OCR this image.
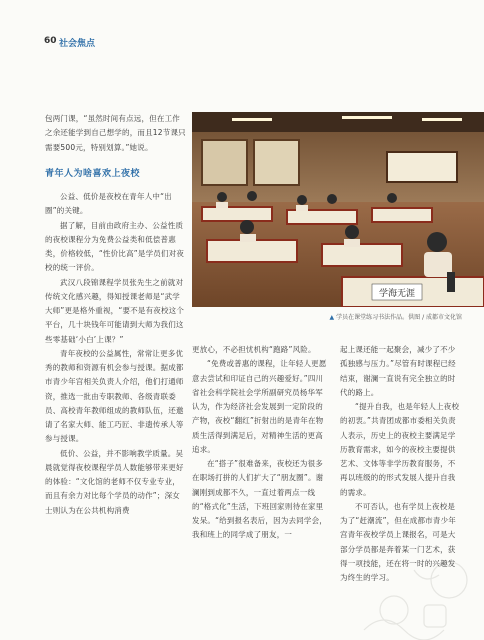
60 社会焦点

包两门课，“虽然时间有点远，但在工作之余还能学到自己想学的，而且12节课只需要500元，特别划算。”她说。

青年人为啥喜欢上夜校

公益、低价是夜校在青年人中“出圈”的关键。

据了解，目前由政府主办、公益性质的夜校课程分为免费公益类和低偿普惠类，价格较低，“性价比高”是学员们对夜校的统一评价。

武汉八段锦课程学员张先生之前就对传统文化感兴趣，得知授课老师是“武学大师”更是格外重视，“要不是有夜校这个平台，几十块钱年可能请到大师为我们这些零基础‘小白’上课？”

青年夜校的公益属性，常常让更多优秀的教师和资源有机会参与授课。据成都市青少年宫相关负责人介绍，他们打通师资，推选一批由专职教师、各级青联委员、高校青年教师组成的教师队伍，还邀请了名家大师、能工巧匠、非遗传承人等参与授课。

低价、公益，并不影响教学质量。吴晨就觉得夜校课程学员人数能够带来更好的体验：“文化馆的老师不仅专业专业，而且有余力对比每个学员的动作”；深女士则认为在公共机构消费

学海无涯
▲ 学员在课堂练习书法作品。供图 / 成都市文化馆

更放心，不必担忧机构“跑路”风险。

“免费或普惠的课程，让年轻人更愿意去尝试和印证自己的兴趣爱好。”四川省社会科学院社会学所副研究员杨华军认为，作为经济社会发展到一定阶段的产物，夜校“翻红”折射出的是青年在物质生活得到满足后，对精神生活的更高追求。

在“搭子”很难备来，夜校还为很多在职场打拼的人们扩大了“朋友圈”。谢澜刚到成都不久，一直过着两点一线的“格式化”生活，下班回家则待在家里发呆。“给到报名表后，因为去同学会，我和班上的同学成了朋友，一

起上课还能一起聚会，减少了不少孤独感与压力。”尽管有时课程已经结束，谢澜一直说有完全独立的时代的路上。

“提升自我，也是年轻人上夜校的初衷。”共青团成都市委相关负责人表示，历史上的夜校主要满足学历教育需求，如今的夜校主要提供艺术、文体等非学历教育服务，不再以班级的的形式发展人提升自我的需求。

不可否认，也有学员上夜校是为了“赶潮流”，但在成都市青少年宫青年夜校学员上课报名，可是大部分学员都是奔着某一门艺术，获得一项技能，还在将一时的兴趣发为终生的学习。
